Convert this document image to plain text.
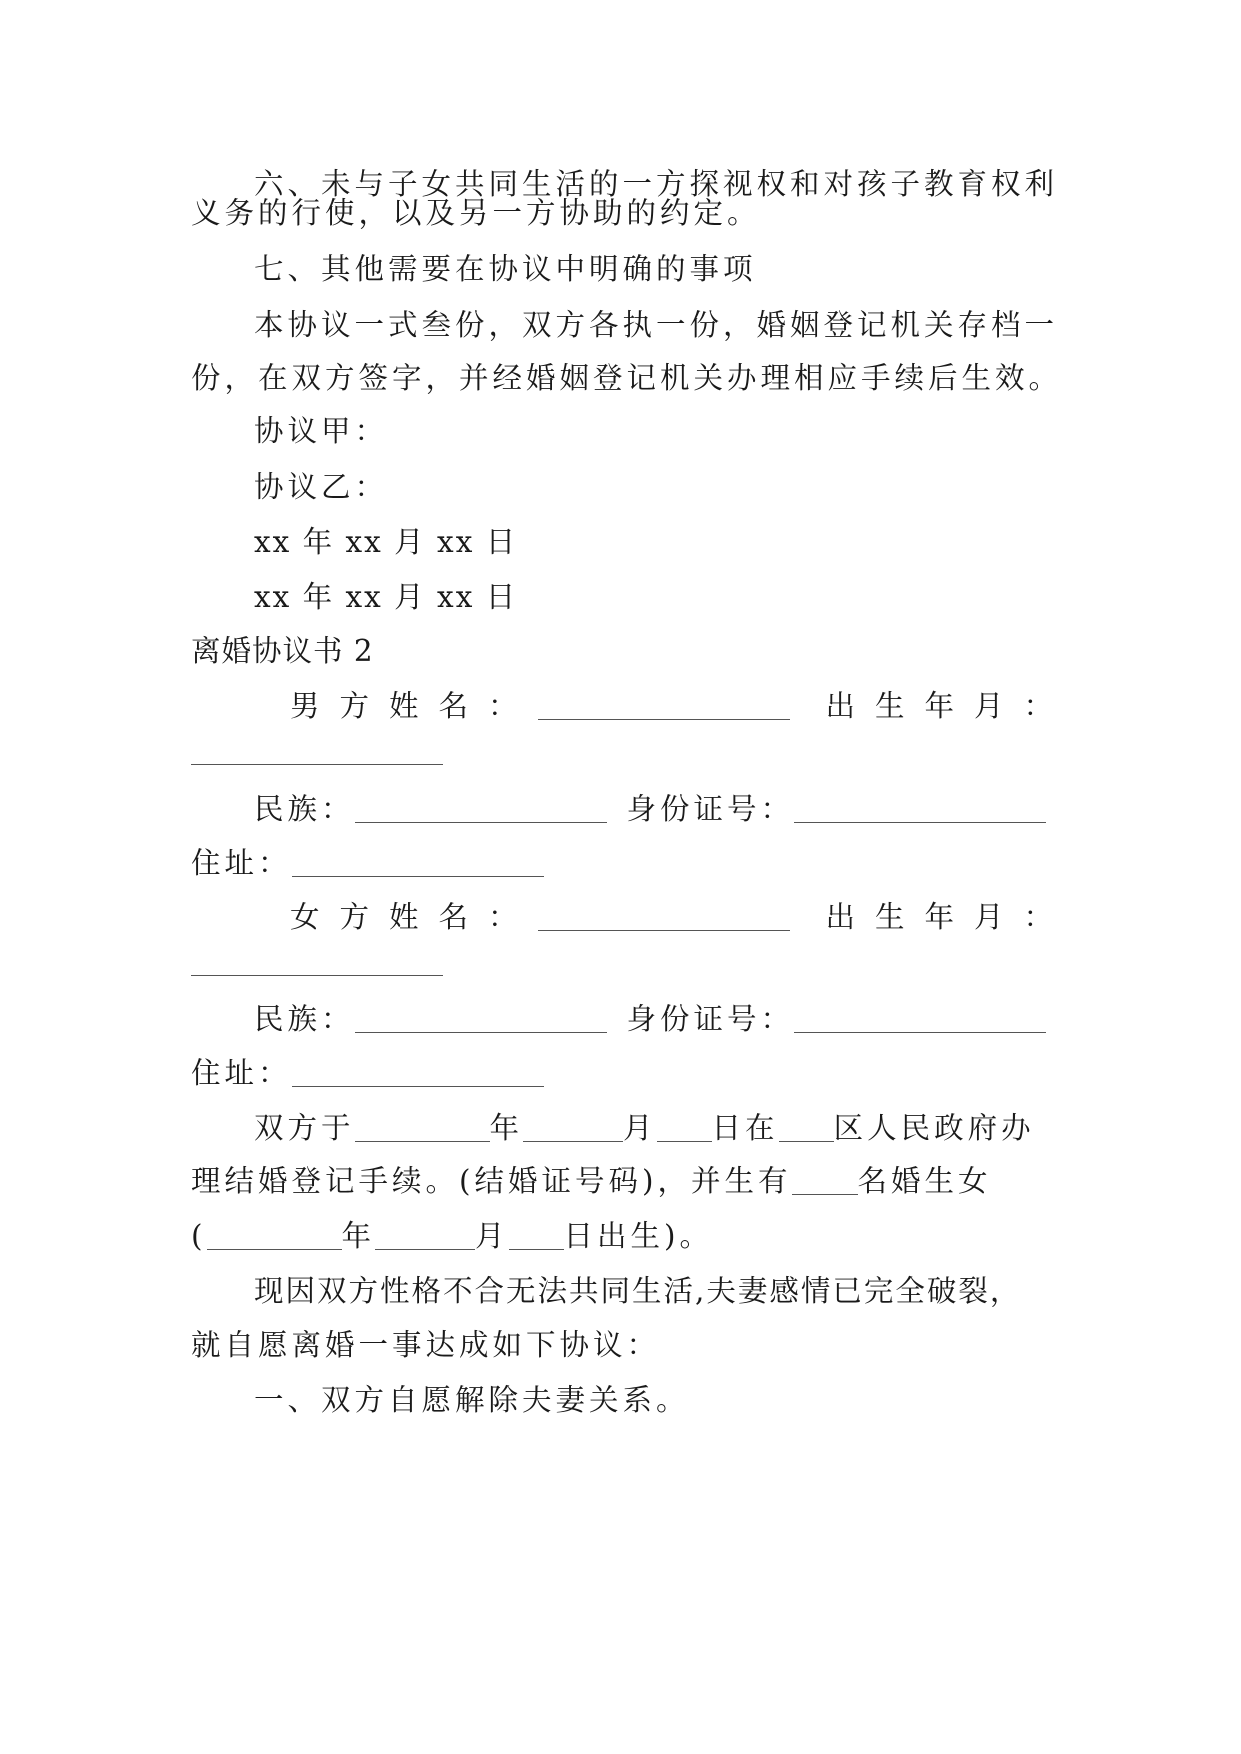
六、未与子女共同生活的一方探视权和对孩子教育权利
义务的行使，以及另一方协助的约定。
七、其他需要在协议中明确的事项
本协议一式叁份，双方各执一份，婚姻登记机关存档一
份，在双方签字，并经婚姻登记机关办理相应手续后生效。
协议甲：
协议乙：
xx 年 xx 月 xx 日
xx 年 xx 月 xx 日
离婚协议书 2
男方姓名：	出生年月：
民族：	身份证号：
住址：
女方姓名：	出生年月：
民族：	身份证号：
住址：
双方于	年	月 日在 区人民政府办
理结婚登记手续。(结婚证号码)，并生有 名婚生女
(	年	月 日出生)。
现因双方性格不合无法共同生活,夫妻感情已完全破裂，
就自愿离婚一事达成如下协议：
一、双方自愿解除夫妻关系。
